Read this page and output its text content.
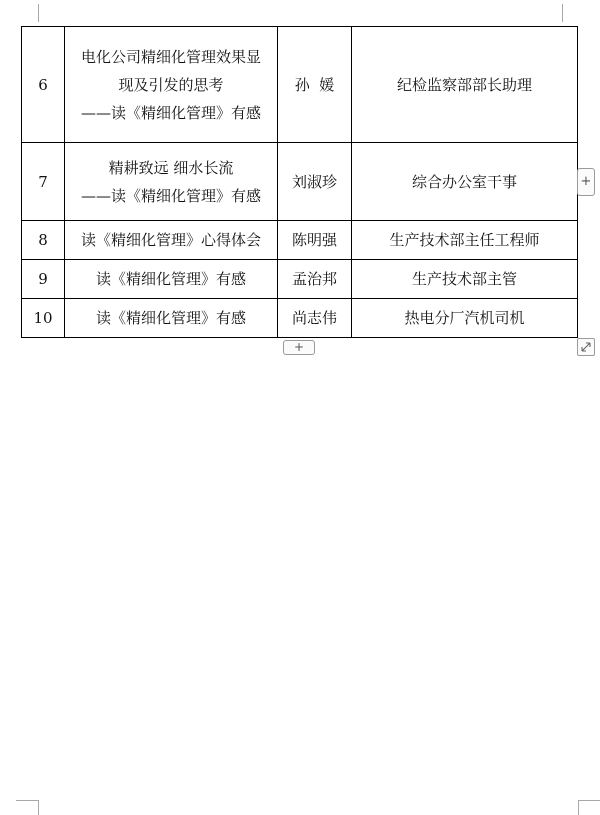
6	电化公司精细化管理效果显
现及引发的思考
——读《精细化管理》有感	孙  媛	纪检监察部部长助理
7	精耕致远 细水长流
——读《精细化管理》有感	刘淑珍	综合办公室干事
8	读《精细化管理》心得体会	陈明强	生产技术部主任工程师
9	读《精细化管理》有感	孟治邦	生产技术部主管
10	读《精细化管理》有感	尚志伟	热电分厂汽机司机
+
+
